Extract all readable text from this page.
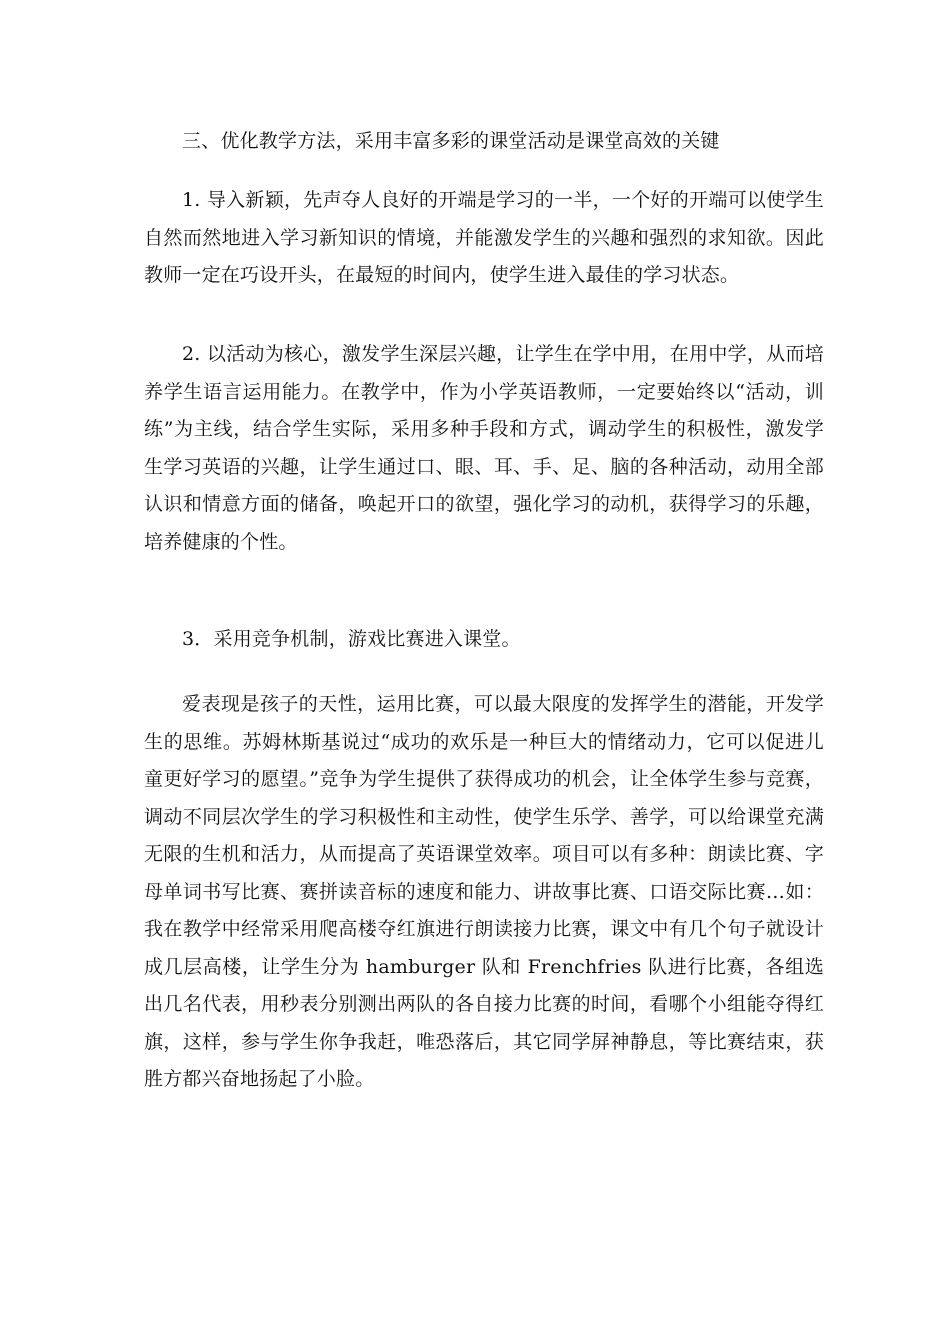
三、优化教学方法，采用丰富多彩的课堂活动是课堂高效的关键

1. 导入新颖，先声夺人良好的开端是学习的一半，一个好的开端可以使学生自然而然地进入学习新知识的情境，并能激发学生的兴趣和强烈的求知欲。因此教师一定在巧设开头，在最短的时间内，使学生进入最佳的学习状态。

2. 以活动为核心，激发学生深层兴趣，让学生在学中用，在用中学，从而培养学生语言运用能力。在教学中，作为小学英语教师，一定要始终以“活动，训练”为主线，结合学生实际，采用多种手段和方式，调动学生的积极性，激发学生学习英语的兴趣，让学生通过口、眼、耳、手、足、脑的各种活动，动用全部认识和情意方面的储备，唤起开口的欲望，强化学习的动机，获得学习的乐趣，培养健康的个性。

3．采用竞争机制，游戏比赛进入课堂。

爱表现是孩子的天性，运用比赛，可以最大限度的发挥学生的潜能，开发学生的思维。苏姆林斯基说过“成功的欢乐是一种巨大的情绪动力，它可以促进儿童更好学习的愿望。”竞争为学生提供了获得成功的机会，让全体学生参与竞赛，调动不同层次学生的学习积极性和主动性，使学生乐学、善学，可以给课堂充满无限的生机和活力，从而提高了英语课堂效率。项目可以有多种：朗读比赛、字母单词书写比赛、赛拼读音标的速度和能力、讲故事比赛、口语交际比赛…如：我在教学中经常采用爬高楼夺红旗进行朗读接力比赛，课文中有几个句子就设计成几层高楼，让学生分为 hamburger 队和 Frenchfries 队进行比赛，各组选出几名代表，用秒表分别测出两队的各自接力比赛的时间，看哪个小组能夺得红旗，这样，参与学生你争我赶，唯恐落后，其它同学屏神静息，等比赛结束，获胜方都兴奋地扬起了小脸。
